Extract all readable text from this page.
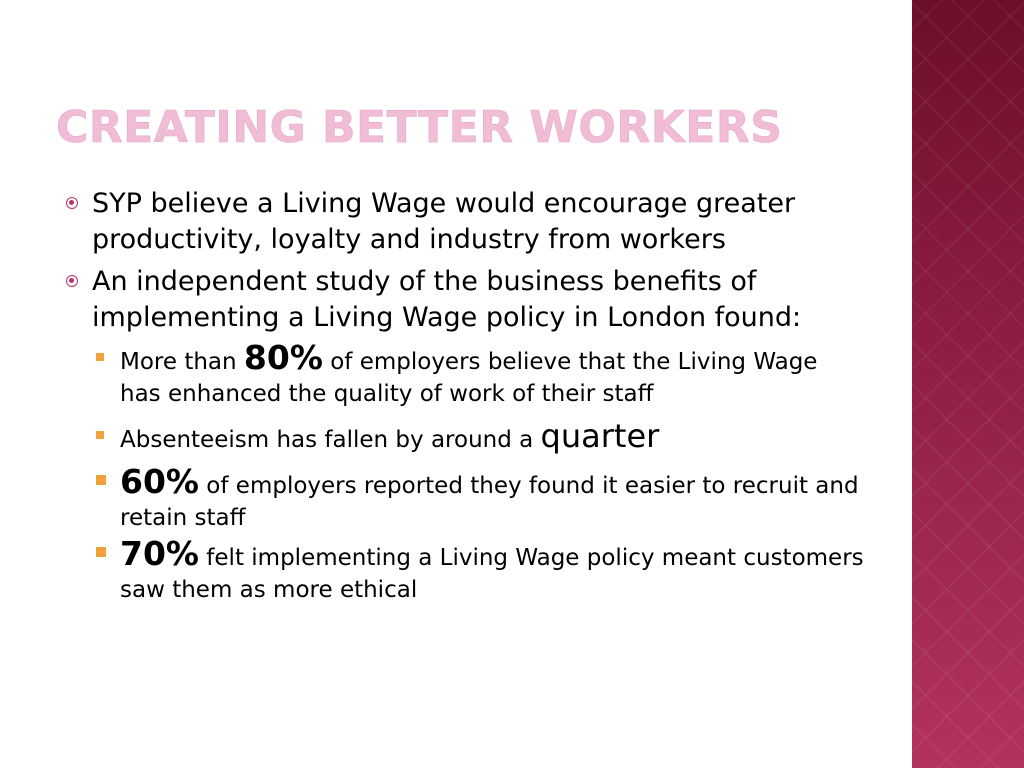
CREATING BETTER WORKERS
SYP believe a Living Wage would encourage greater productivity, loyalty and industry from workers
An independent study of the business benefits of implementing a Living Wage policy in London found:
More than 80% of employers believe that the Living Wage has enhanced the quality of work of their staff
Absenteeism has fallen by around a quarter
60% of employers reported they found it easier to recruit and retain staff
70% felt implementing a Living Wage policy meant customers saw them as more ethical
